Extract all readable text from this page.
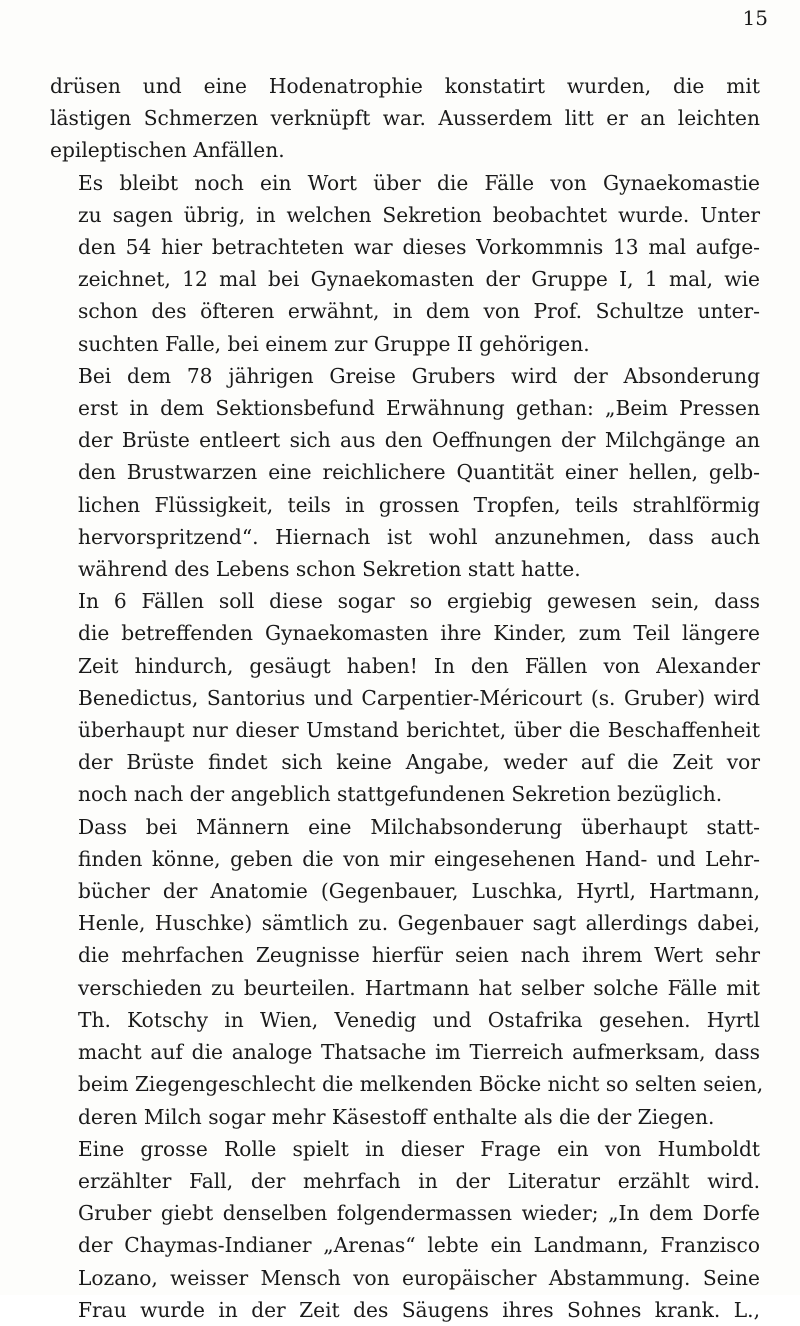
15

drüsen und eine Hodenatrophie konstatirt wurden, die mit
lästigen Schmerzen verknüpft war. Ausserdem litt er an leichten
epileptischen Anfällen.

Es bleibt noch ein Wort über die Fälle von Gynaekomastie
zu sagen übrig, in welchen Sekretion beobachtet wurde. Unter
den 54 hier betrachteten war dieses Vorkommnis 13 mal aufge-
zeichnet, 12 mal bei Gynaekomasten der Gruppe I, 1 mal, wie
schon des öfteren erwähnt, in dem von Prof. Schultze unter-
suchten Falle, bei einem zur Gruppe II gehörigen.

Bei dem 78 jährigen Greise Grubers wird der Absonderung
erst in dem Sektionsbefund Erwähnung gethan: „Beim Pressen
der Brüste entleert sich aus den Oeffnungen der Milchgänge an
den Brustwarzen eine reichlichere Quantität einer hellen, gelb-
lichen Flüssigkeit, teils in grossen Tropfen, teils strahlförmig
hervorspritzend“. Hiernach ist wohl anzunehmen, dass auch
während des Lebens schon Sekretion statt hatte.

In 6 Fällen soll diese sogar so ergiebig gewesen sein, dass
die betreffenden Gynaekomasten ihre Kinder, zum Teil längere
Zeit hindurch, gesäugt haben! In den Fällen von Alexander
Benedictus, Santorius und Carpentier-Méricourt (s. Gruber) wird
überhaupt nur dieser Umstand berichtet, über die Beschaffenheit
der Brüste findet sich keine Angabe, weder auf die Zeit vor
noch nach der angeblich stattgefundenen Sekretion bezüglich.

Dass bei Männern eine Milchabsonderung überhaupt statt-
finden könne, geben die von mir eingesehenen Hand- und Lehr-
bücher der Anatomie (Gegenbauer, Luschka, Hyrtl, Hartmann,
Henle, Huschke) sämtlich zu. Gegenbauer sagt allerdings dabei,
die mehrfachen Zeugnisse hierfür seien nach ihrem Wert sehr
verschieden zu beurteilen. Hartmann hat selber solche Fälle mit
Th. Kotschy in Wien, Venedig und Ostafrika gesehen. Hyrtl
macht auf die analoge Thatsache im Tierreich aufmerksam, dass
beim Ziegengeschlecht die melkenden Böcke nicht so selten seien,
deren Milch sogar mehr Käsestoff enthalte als die der Ziegen.

Eine grosse Rolle spielt in dieser Frage ein von Humboldt
erzählter Fall, der mehrfach in der Literatur erzählt wird.
Gruber giebt denselben folgendermassen wieder; „In dem Dorfe
der Chaymas-Indianer „Arenas“ lebte ein Landmann, Franzisco
Lozano, weisser Mensch von europäischer Abstammung. Seine
Frau wurde in der Zeit des Säugens ihres Sohnes krank. L.,
